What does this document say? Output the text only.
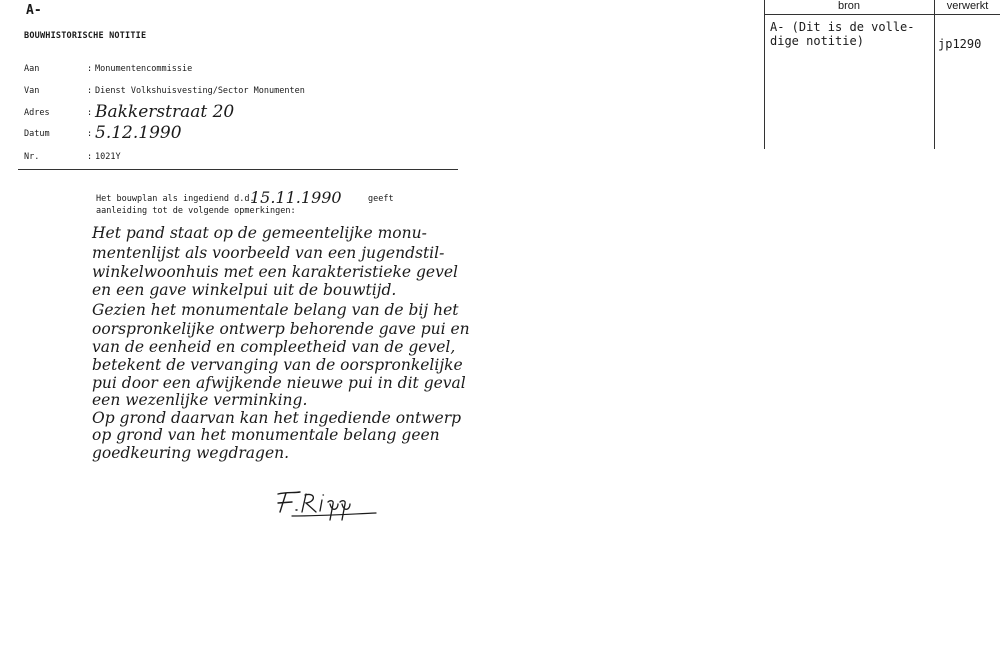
A-
BOUWHISTORISCHE NOTITIE
Aan	: Monumentencommissie
Van	: Dienst Volkshuisvesting/Sector Monumenten
Adres	: Bakkerstraat 20
Datum	: 5.12.1990
Nr.	: 1021Y
Het bouwplan als ingediend d.d.
15.11.1990	geeft
aanleiding tot de volgende opmerkingen:
Het pand staat op de gemeentelijke monu-
mentenlijst als voorbeeld van een jugendstil-
winkelwoonhuis met een karakteristieke gevel
en een gave winkelpui uit de bouwtijd.
Gezien het monumentale belang van de bij het
oorspronkelijke ontwerp behorende gave pui en
van de eenheid en compleetheid van de gevel,
betekent de vervanging van de oorspronkelijke
pui door een afwijkende nieuwe pui in dit geval
een wezenlijke verminking.
Op grond daarvan kan het ingediende ontwerp
op grond van het monumentale belang geen
goedkeuring wegdragen.
bron	verwerkt
A- (Dit is de volle-
dige notitie)	jp1290
